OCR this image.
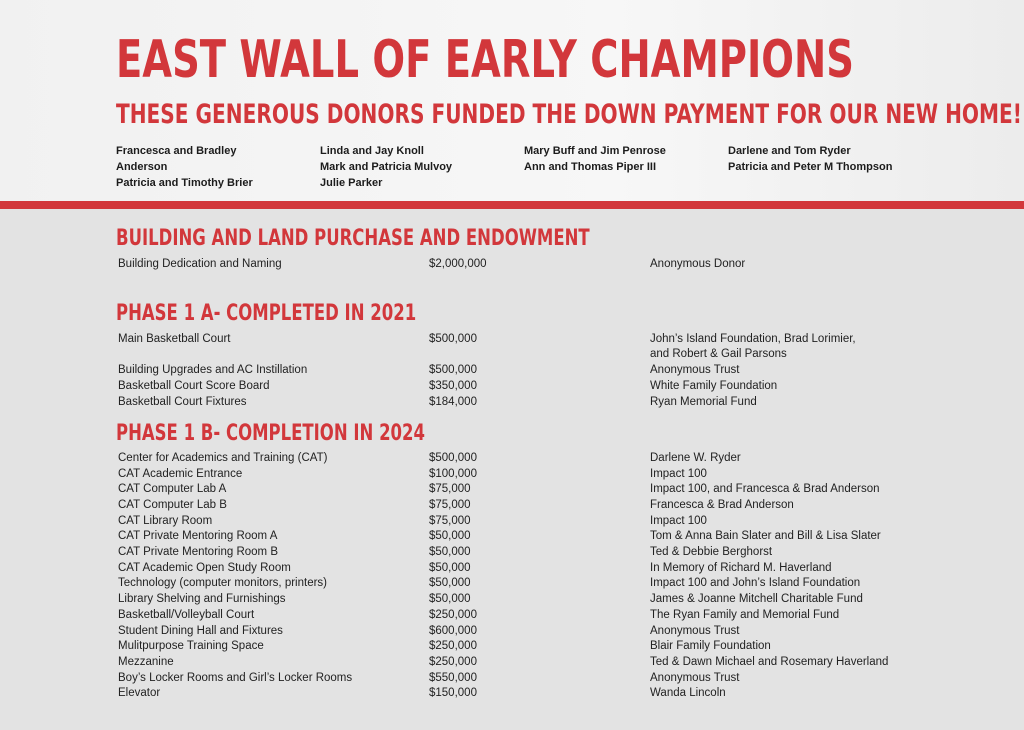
EAST WALL OF EARLY CHAMPIONS
THESE GENEROUS DONORS FUNDED THE DOWN PAYMENT FOR OUR NEW HOME!
Francesca and Bradley
Anderson
Patricia and Timothy Brier
Linda and Jay Knoll
Mark and Patricia Mulvoy
Julie Parker
Mary Buff and Jim Penrose
Ann and Thomas Piper III
Darlene and Tom Ryder
Patricia and Peter M Thompson
BUILDING AND LAND PURCHASE AND ENDOWMENT
Building Dedication and Naming	$2,000,000	Anonymous Donor
PHASE 1 A- COMPLETED IN 2021
Main Basketball Court	$500,000	John’s Island Foundation, Brad Lorimier,
and Robert & Gail Parsons
Building Upgrades and AC Instillation	$500,000	Anonymous Trust
Basketball Court Score Board	$350,000	White Family Foundation
Basketball Court Fixtures	$184,000	Ryan Memorial Fund
PHASE 1 B- COMPLETION IN 2024
Center for Academics and Training (CAT)	$500,000	Darlene W. Ryder
CAT Academic Entrance	$100,000	Impact 100
CAT Computer Lab A	$75,000	Impact 100, and Francesca & Brad Anderson
CAT Computer Lab B	$75,000	Francesca & Brad Anderson
CAT Library Room	$75,000	Impact 100
CAT Private Mentoring Room A	$50,000	Tom & Anna Bain Slater and Bill & Lisa Slater
CAT Private Mentoring Room B	$50,000	Ted & Debbie Berghorst
CAT Academic Open Study Room	$50,000	In Memory of Richard M. Haverland
Technology (computer monitors, printers)	$50,000	Impact 100 and John’s Island Foundation
Library Shelving and Furnishings	$50,000	James & Joanne Mitchell Charitable Fund
Basketball/Volleyball Court	$250,000	The Ryan Family and Memorial Fund
Student Dining Hall and Fixtures	$600,000	Anonymous Trust
Mulitpurpose Training Space	$250,000	Blair Family Foundation
Mezzanine	$250,000	Ted & Dawn Michael and Rosemary Haverland
Boy’s Locker Rooms and Girl’s Locker Rooms	$550,000	Anonymous Trust
Elevator	$150,000	Wanda Lincoln
